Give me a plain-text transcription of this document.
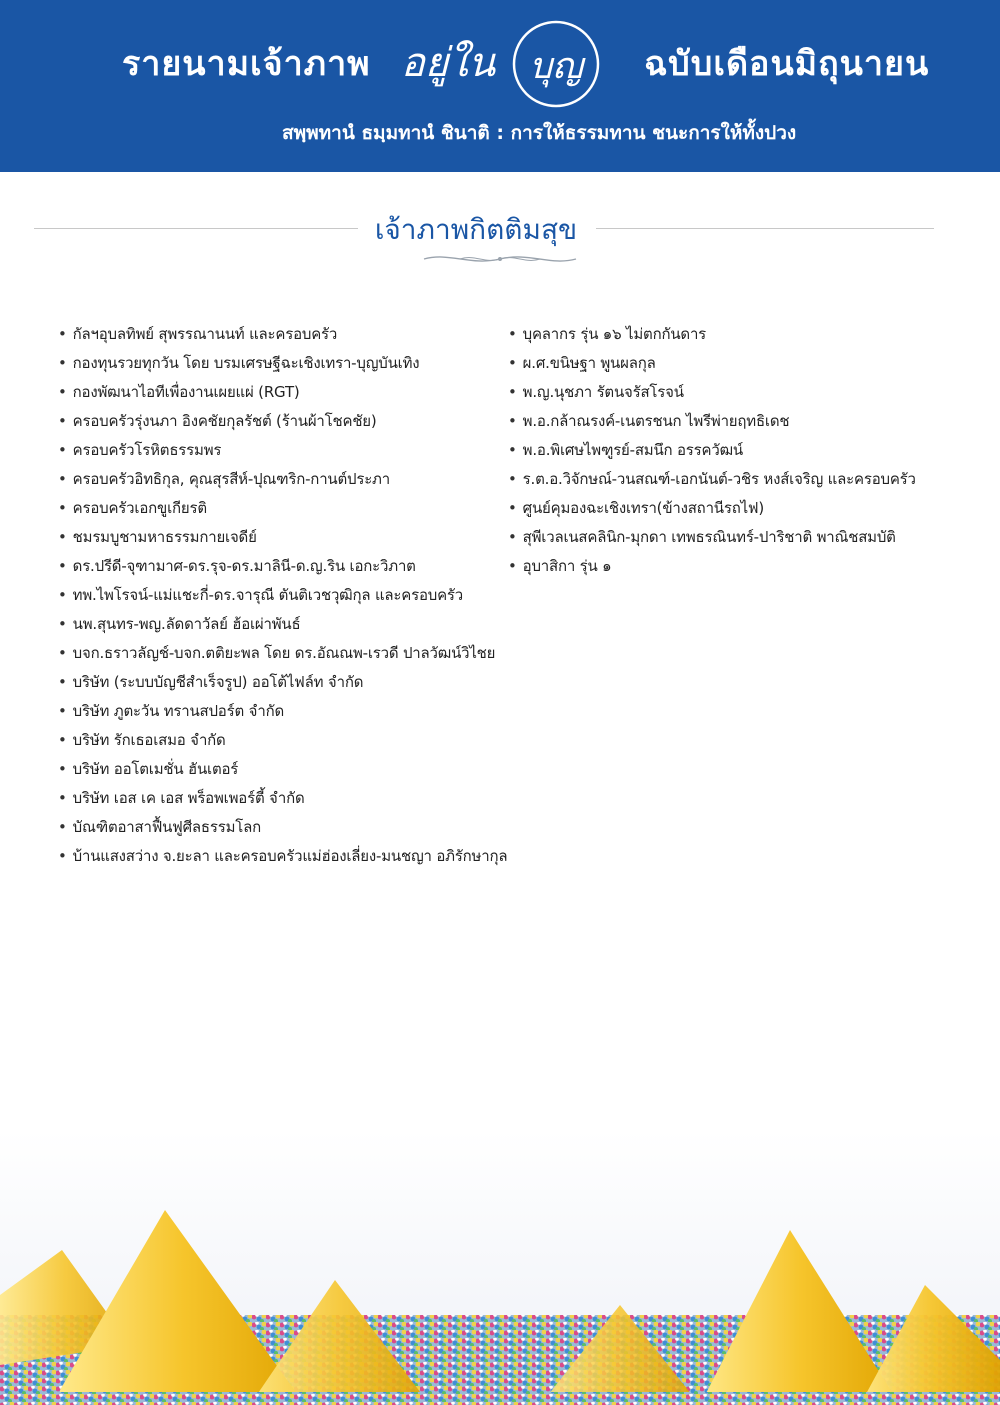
รายนามเจ้าภาพ อยู่ใน บุญ ฉบับเดือนมิถุนายน
สพฺพทานํ ธมฺมทานํ ชินาติ : การให้ธรรมทาน ชนะการให้ทั้งปวง
เจ้าภาพกิตติมสุข
• กัลฯอุบลทิพย์ สุพรรณานนท์ และครอบครัว
• กองทุนรวยทุกวัน โดย บรมเศรษฐีฉะเชิงเทรา-บุญบันเทิง
• กองพัฒนาไอทีเพื่องานเผยแผ่ (RGT)
• ครอบครัวรุ่งนภา อิงคชัยกุลรัชต์ (ร้านผ้าโชคชัย)
• ครอบครัวโรหิตธรรมพร
• ครอบครัวอิทธิกุล, คุณสุรสีห์-ปุณฑริก-กานต์ประภา
• ครอบครัวเอกขูเกียรติ
• ชมรมบูชามหาธรรมกายเจดีย์
• ดร.ปรีดี-จุฑามาศ-ดร.รุจ-ดร.มาลินี-ด.ญ.ริน เอกะวิภาต
• ทพ.ไพโรจน์-แม่แชะกี่-ดร.จารุณี ตันติเวชวุฒิกุล และครอบครัว
• นพ.สุนทร-พญ.ลัดดาวัลย์ ฮ้อเผ่าพันธ์
• บจก.ธราวลัญช์-บจก.ตติยะพล โดย ดร.อัณณพ-เรวดี ปาลวัฒน์วิไชย
• บริษัท (ระบบบัญชีสำเร็จรูป) ออโต้ไฟล์ท จำกัด
• บริษัท ภูตะวัน ทรานสปอร์ต จำกัด
• บริษัท รักเธอเสมอ จำกัด
• บริษัท ออโตเมชั่น ฮันเตอร์
• บริษัท เอส เค เอส พร็อพเพอร์ตี้ จำกัด
• บัณฑิตอาสาฟื้นฟูศีลธรรมโลก
• บ้านแสงสว่าง จ.ยะลา และครอบครัวแม่ฮ่องเลี่ยง-มนชญา อภิรักษากุล
• บุคลากร รุ่น ๑๖ ไม่ตกกันดาร
• ผ.ศ.ขนิษฐา พูนผลกุล
• พ.ญ.นุชภา รัตนจรัสโรจน์
• พ.อ.กล้าณรงค์-เนตรชนก ไพรีพ่ายฤทธิเดช
• พ.อ.พิเศษไพฑูรย์-สมนึก อรรควัฒน์
• ร.ต.อ.วิจักษณ์-วนสณฑ์-เอกนันต์-วชิร หงส์เจริญ และครอบครัว
• ศูนย์คุมองฉะเชิงเทรา(ข้างสถานีรถไฟ)
• สุพีเวลเนสคลินิก-มุกดา เทพธรณินทร์-ปาริชาติ พาณิชสมบัติ
• อุบาสิกา รุ่น ๑
